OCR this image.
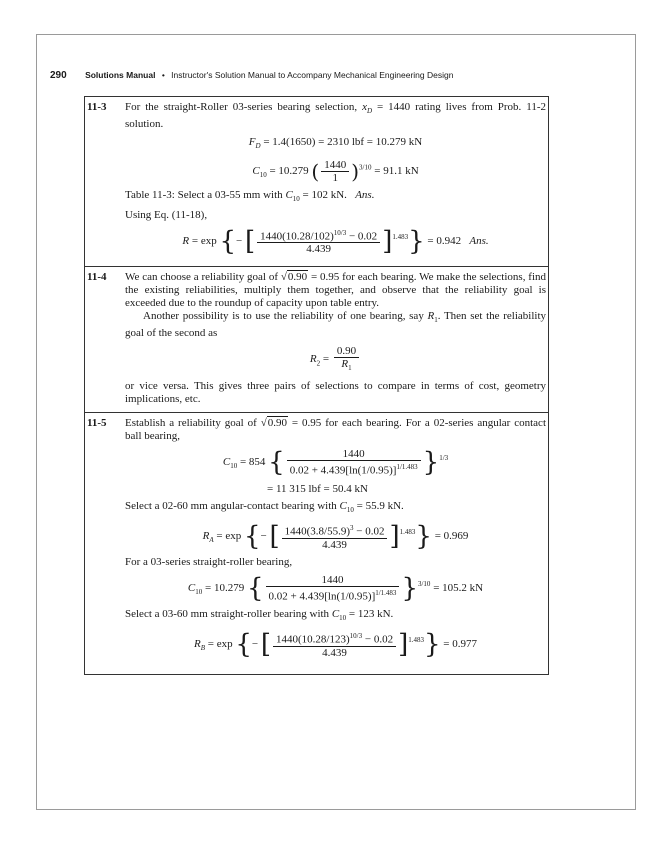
290 Solutions Manual • Instructor's Solution Manual to Accompany Mechanical Engineering Design
11-3 For the straight-Roller 03-series bearing selection, $x_D = 1440$ rating lives from Prob. 11-2 solution.

$F_D = 1.4(1650) = 2310$ lbf = 10.279 kN
$C_{10} = 10.279$ ( $\frac{1440}{1} )^{3/10} = 91.1$ kN

Table 11-3: Select a 03-55 mm with $C_{10} = 102$ kN. Ans.

Using Eq. (11-18),

R = exp {− [ $\frac{1440(10.28/102)^{10/3} - 0.02}{4.439} ]^{1.483}\} = 0.942$ Ans.
11-4 We can choose a reliability goal of √0.90 = 0.95 for each bearing. We make the selections, find the existing reliabilities, multiply them together, and observe that the reliability goal is exceeded due to the roundup of capacity upon table entry.

Another possibility is to use the reliability of one bearing, say $R_1$. Then set the reliability goal of the second as

$R_2 = \frac{0.90}{R_1}$

or vice versa. This gives three pairs of selections to compare in terms of cost, geometry implications, etc.

11-5 Establish a reliability goal of √0.90 = 0.95 for each bearing. For a 02-series angular contact ball bearing,

$C_{10} = 854$ { $\frac{1440}{0.02 + 4.439[\ln(1/0.95)]^{1/1.483}} \}^{1/3}$
= 11 315 lbf = 50.4 kN

Select a 02-60 mm angular-contact bearing with $C_{10} = 55.9$ kN.

$R_A = \exp$ {− [ $\frac{1440(3.8/55.9)^3 - 0.02}{4.439} ]^{1.483}\} = 0.969$

For a 03-series straight-roller bearing,

$C_{10} = 10.279$ { $\frac{1440}{0.02 + 4.439[\ln(1/0.95)]^{1/1.483}} \}^{3/10} = 105.2$ kN

Select a 03-60 mm straight-roller bearing with $C_{10} = 123$ kN.

$R_B = \exp$ {− [ $\frac{1440(10.28/123)^{10/3} - 0.02}{4.439} ]^{1.483}\} = 0.977$
